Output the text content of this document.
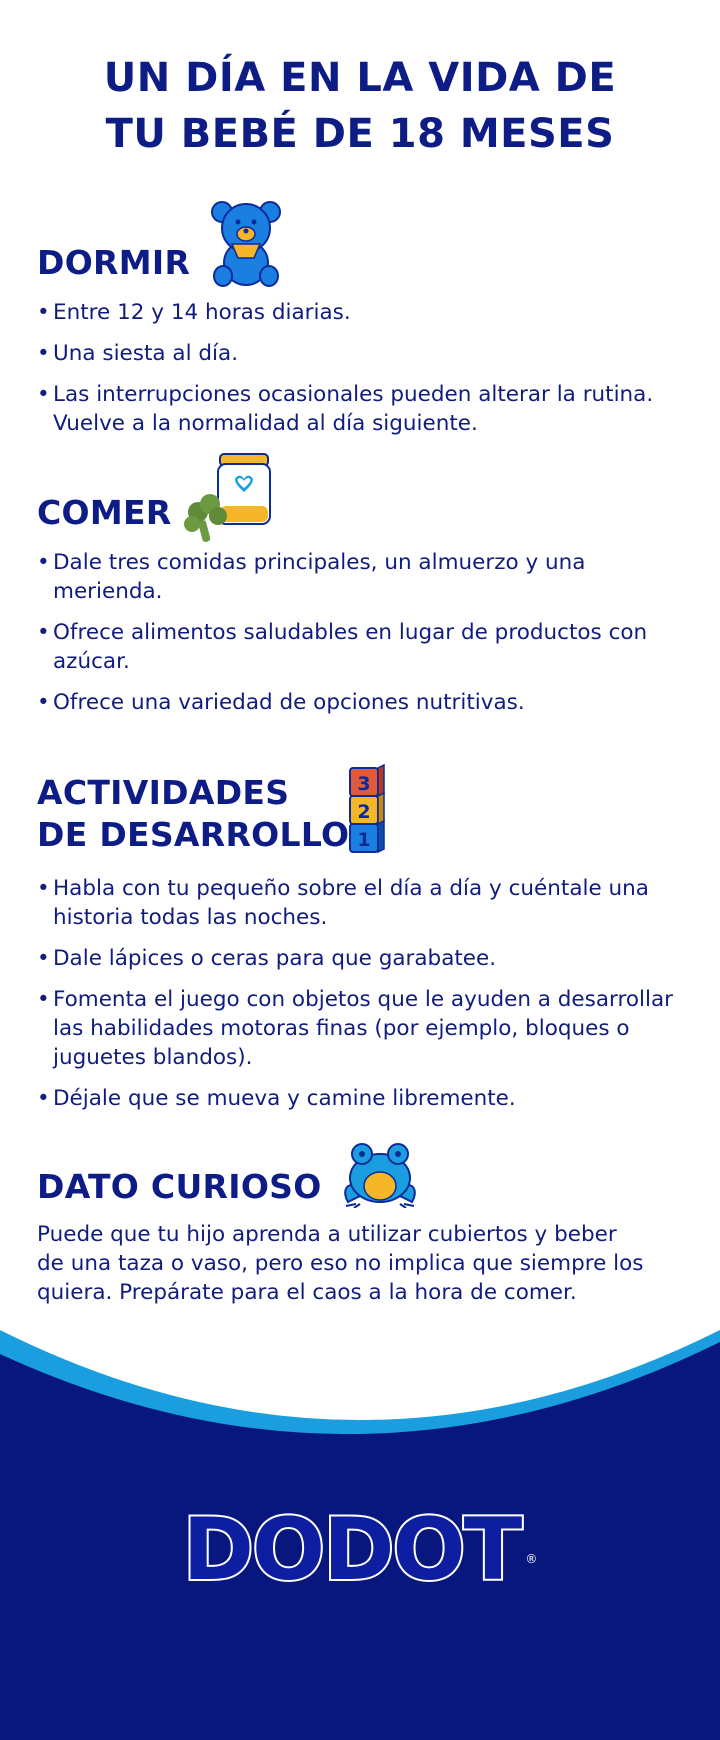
UN DÍA EN LA VIDA DE
TU BEBÉ DE 18 MESES
DORMIR
• Entre 12 y 14 horas diarias.
• Una siesta al día.
• Las interrupciones ocasionales pueden alterar la rutina. Vuelve a la normalidad al día siguiente.
COMER
• Dale tres comidas principales, un almuerzo y una merienda.
• Ofrece alimentos saludables en lugar de productos con azúcar.
• Ofrece una variedad de opciones nutritivas.
ACTIVIDADES
DE DESARROLLO
• Habla con tu pequeño sobre el día a día y cuéntale una historia todas las noches.
• Dale lápices o ceras para que garabatee.
• Fomenta el juego con objetos que le ayuden a desarrollar las habilidades motoras finas (por ejemplo, bloques o juguetes blandos).
• Déjale que se mueva y camine libremente.
3
2
1
DATO CURIOSO

Puede que tu hijo aprenda a utilizar cubiertos y beber de una taza o vaso, pero eso no implica que siempre los quiera. Prepárate para el caos a la hora de comer.

DODOT $_®$
